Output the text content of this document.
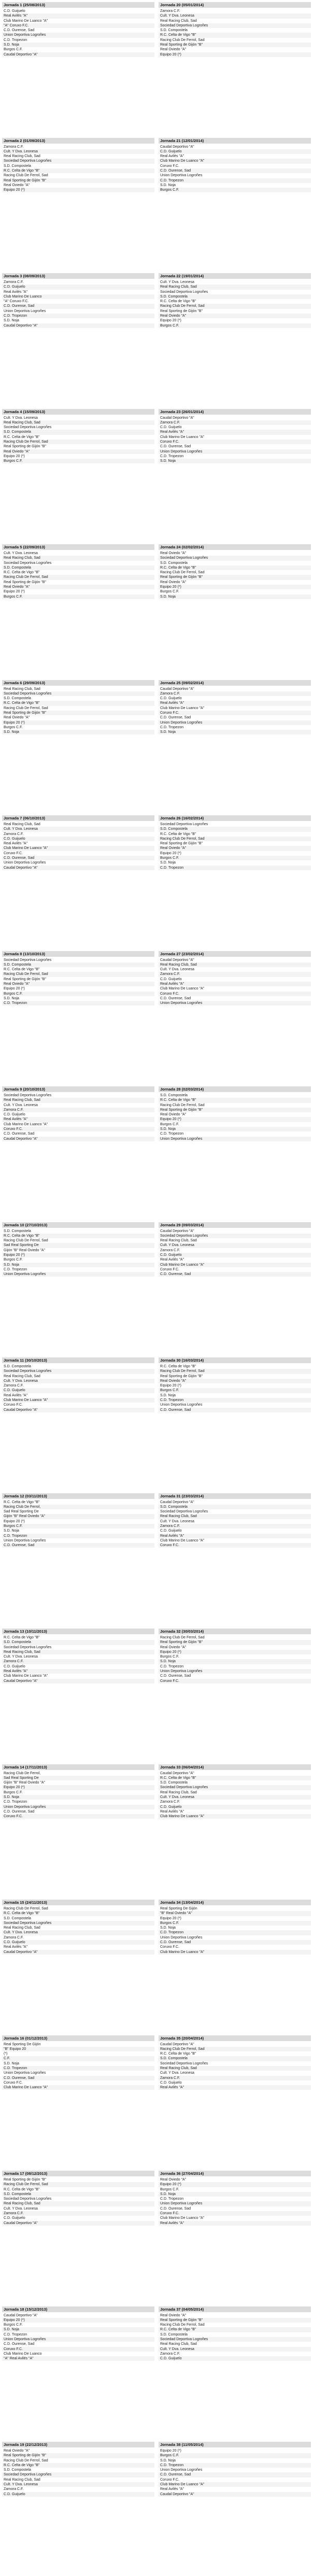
Jornada 1 (25/08/2013)
C.D. Guijuelo
Real Avilés "A"
Club Marino De Luanco "A"
"A" Coruxo F.C.
C.D. Ourense, Sad
Union Deportiva Logroñes
C.D. Tropezon
S.D. Noja
Burgos C.F.
Caudal Deportivo "A"
Jornada 20 (05/01/2014)
Zamora C.F.
Cult. Y Dva. Leonesa
Real Racing Club, Sad
Sociedad Deportiva Logroñes
S.D. Compostela
R.C. Celta de Vigo "B"
Racing Club De Ferrol, Sad
Real Sporting de Gijón "B"
Real Oviedo "A"
Equipo 20 (*)
Jornada 2 (01/09/2013)
Zamora C.F.
Cult. Y Dva. Leonesa
Real Racing Club, Sad
Sociedad Deportiva Logroñes
S.D. Compostela
R.C. Celta de Vigo "B"
Racing Club De Ferrol, Sad
Real Sporting de Gijón "B"
Real Oviedo "A"
Equipo 20 (*)
Jornada 21 (12/01/2014)
Caudal Deportivo "A"
C.D. Guijuelo
Real Avilés "A"
Club Marino De Luanco "A"
Coruxo F.C.
C.D. Ourense, Sad
Union Deportiva Logroñes
C.D. Tropezon
S.D. Noja
Burgos C.F.
Jornada 3 (08/09/2013)
Zamora C.F.
C.D. Guijuelo
Real Avilés "A"
Club Marino De Luanco
"A" Coruxo F.C.
C.D. Ourense, Sad
Union Deportiva Logroñes
C.D. Tropezon
S.D. Noja
Caudal Deportivo "A"
Jornada 22 (19/01/2014)
Cult. Y Dva. Leonesa
Real Racing Club, Sad
Sociedad Deportiva Logroñes
S.D. Compostela
R.C. Celta de Vigo "B"
Racing Club De Ferrol, Sad
Real Sporting de Gijón "B"
Real Oviedo "A"
Equipo 20 (*)
Burgos C.F.
Jornada 4 (15/09/2013)
Cult. Y Dva. Leonesa
Real Racing Club, Sad
Sociedad Deportiva Logroñes
S.D. Compostela
R.C. Celta de Vigo "B"
Racing Club De Ferrol, Sad
Real Sporting de Gijón "B"
Real Oviedo "A"
Equipo 20 (*)
Burgos C.F.
Jornada 23 (26/01/2014)
Caudal Deportivo "A"
Zamora C.F.
C.D. Guijuelo
Real Avilés "A"
Club Marino De Luanco "A"
Coruxo F.C.
C.D. Ourense, Sad
Union Deportiva Logroñes
C.D. Tropezon
S.D. Noja
Jornada 5 (22/09/2013)
Cult. Y Dva. Leonesa
Real Racing Club, Sad
Sociedad Deportiva Logroñes
S.D. Compostela
R.C. Celta de Vigo "B"
Racing Club De Ferrol, Sad
Real Sporting de Gijón "B"
Real Oviedo "A"
Equipo 20 (*)
Burgos C.F.
Jornada 24 (02/02/2014)
Real Oviedo "A"
Sociedad Deportiva Logroñes
S.D. Compostela
R.C. Celta de Vigo "B"
Racing Club De Ferrol, Sad
Real Sporting de Gijón "B"
Real Oviedo "A"
Equipo 20 (*)
Burgos C.F.
S.D. Noja
Jornada 6 (29/09/2013)
Real Racing Club, Sad
Sociedad Deportiva Logroñes
S.D. Compostela
R.C. Celta de Vigo "B"
Racing Club De Ferrol, Sad
Real Sporting de Gijón "B"
Real Oviedo "A"
Equipo 20 (*)
Burgos C.F.
S.D. Noja
Jornada 25 (09/02/2014)
Caudal Deportivo "A"
Zamora C.F.
C.D. Guijuelo
Real Avilés "A"
Club Marino De Luanco "A"
Coruxo F.C.
C.D. Ourense, Sad
Union Deportiva Logroñes
C.D. Tropezon
S.D. Noja
Jornada 7 (06/10/2013)
Real Racing Club, Sad
Cult. Y Dva. Leonesa
Zamora C.F.
C.D. Guijuelo
Real Avilés "A"
Club Marino De Luanco "A"
Coruxo F.C.
C.D. Ourense, Sad
Union Deportiva Logroñes
Caudal Deportivo "A"
Jornada 26 (16/02/2014)
Sociedad Deportiva Logroñes
S.D. Compostela
R.C. Celta de Vigo "B"
Racing Club De Ferrol, Sad
Real Sporting de Gijón "B"
Real Oviedo "A"
Equipo 20 (*)
Burgos C.F.
S.D. Noja
C.D. Tropezon
Jornada 8 (13/10/2013)
Sociedad Deportiva Logroñes
S.D. Compostela
R.C. Celta de Vigo "B"
Racing Club De Ferrol, Sad
Real Sporting de Gijón "B"
Real Oviedo "A"
Equipo 20 (*)
Burgos C.F.
S.D. Noja
C.D. Tropezon
Jornada 27 (23/02/2014)
Caudal Deportivo "A"
Real Racing Club, Sad
Cult. Y Dva. Leonesa
Zamora C.F.
C.D. Guijuelo
Real Avilés "A"
Club Marino De Luanco "A"
Coruxo F.C.
C.D. Ourense, Sad
Union Deportiva Logroñes
Jornada 9 (20/10/2013)
Sociedad Deportiva Logroñes
Real Racing Club, Sad
Cult. Y Dva. Leonesa
Zamora C.F.
C.D. Guijuelo
Real Avilés "A"
Club Marino De Luanco "A"
Coruxo F.C.
C.D. Ourense, Sad
Caudal Deportivo "A"
Jornada 28 (02/03/2014)
S.D. Compostela
R.C. Celta de Vigo "B"
Racing Club De Ferrol, Sad
Real Sporting de Gijón "B"
Real Oviedo "A"
Equipo 20 (*)
Burgos C.F.
S.D. Noja
C.D. Tropezon
Union Deportiva Logroñes
Jornada 10 (27/10/2013)
S.D. Compostela
R.C. Celta de Vigo "B"
Racing Club De Ferrol, Sad
Sad Real Sporting De
Gijón "B" Real Oviedo "A"
Equipo 20 (*)
Burgos C.F.
S.D. Noja
C.D. Tropezon
Union Deportiva Logroñes
Jornada 29 (09/03/2014)
Caudal Deportivo "A"
Sociedad Deportiva Logroñes
Real Racing Club, Sad
Cult. Y Dva. Leonesa
Zamora C.F.
C.D. Guijuelo
Real Avilés "A"
Club Marino De Luanco "A"
Coruxo F.C.
C.D. Ourense, Sad
Jornada 11 (30/10/2013)
S.D. Compostela
Sociedad Deportiva Logroñes
Real Racing Club, Sad
Cult. Y Dva. Leonesa
Zamora C.F.
C.D. Guijuelo
Real Avilés "A"
Club Marino De Luanco "A"
Coruxo F.C.
Caudal Deportivo "A"
Jornada 30 (16/03/2014)
R.C. Celta de Vigo "B"
Racing Club De Ferrol, Sad
Real Sporting de Gijón "B"
Real Oviedo "A"
Equipo 20 (*)
Burgos C.F.
S.D. Noja
C.D. Tropezon
Union Deportiva Logroñes
C.D. Ourense, Sad
Jornada 12 (03/11/2013)
R.C. Celta de Vigo "B"
Racing Club De Ferrol,
Sad Real Sporting De
Gijón "B" Real Oviedo "A"
Equipo 20 (*)
Burgos C.F.
S.D. Noja
C.D. Tropezon
Union Deportiva Logroñes
C.D. Ourense, Sad
Jornada 31 (23/03/2014)
Caudal Deportivo "A"
S.D. Compostela
Sociedad Deportiva Logroñes
Real Racing Club, Sad
Cult. Y Dva. Leonesa
Zamora C.F.
C.D. Guijuelo
Real Avilés "A"
Club Marino De Luanco "A"
Coruxo F.C.
Jornada 13 (10/11/2013)
R.C. Celta de Vigo "B"
S.D. Compostela
Sociedad Deportiva Logroñes
Real Racing Club, Sad
Cult. Y Dva. Leonesa
Zamora C.F.
C.D. Guijuelo
Real Avilés "A"
Club Marino De Luanco "A"
Caudal Deportivo "A"
Jornada 32 (30/03/2014)
Racing Club De Ferrol, Sad
Real Sporting de Gijón "B"
Real Oviedo "A"
Equipo 20 (*)
Burgos C.F.
S.D. Noja
C.D. Tropezon
Union Deportiva Logroñes
C.D. Ourense, Sad
Coruxo F.C.
Jornada 14 (17/11/2013)
Racing Club De Ferrol,
Sad Real Sporting De
Gijón "B" Real Oviedo "A"
Equipo 20 (*)
Burgos C.F.
S.D. Noja
C.D. Tropezon
Union Deportiva Logroñes
C.D. Ourense, Sad
Coruxo F.C.
Jornada 33 (06/04/2014)
Caudal Deportivo "A"
R.C. Celta de Vigo "B"
S.D. Compostela
Sociedad Deportiva Logroñes
Real Racing Club, Sad
Cult. Y Dva. Leonesa
Zamora C.F.
C.D. Guijuelo
Real Avilés "A"
Club Marino De Luanco "A"
Jornada 15 (24/11/2013)
Racing Club De Ferrol, Sad
R.C. Celta de Vigo "B"
S.D. Compostela
Sociedad Deportiva Logroñes
Real Racing Club, Sad
Cult. Y Dva. Leonesa
Zamora C.F.
C.D. Guijuelo
Real Avilés "A"
Caudal Deportivo "A"
Jornada 34 (13/04/2014)
Real Sporting De Gijón
"B" Real Oviedo "A"
Equipo 20 (*)
Burgos C.F.
S.D. Noja
C.D. Tropezon
Union Deportiva Logroñes
C.D. Ourense, Sad
Coruxo F.C.
Club Marino De Luanco "A"
Jornada 16 (01/12/2013)
Real Sporting De Gijón
"B" Equipo 20
(*)
C.F.
S.D. Noja
C.D. Tropezon
Union Deportiva Logroñes
C.D. Ourense, Sad
Coruxo F.C.
Club Marino De Luanco "A"
Jornada 35 (20/04/2014)
Caudal Deportivo "A"
Racing Club De Ferrol, Sad
R.C. Celta de Vigo "B"
S.D. Compostela
Sociedad Deportiva Logroñes
Real Racing Club, Sad
Cult. Y Dva. Leonesa
Zamora C.F.
C.D. Guijuelo
Real Avilés "A"
Jornada 17 (08/12/2013)
Real Sporting de Gijón "B"
Racing Club De Ferrol, Sad
R.C. Celta de Vigo "B"
S.D. Compostela
Sociedad Deportiva Logroñes
Real Racing Club, Sad
Cult. Y Dva. Leonesa
Zamora C.F.
C.D. Guijuelo
Caudal Deportivo "A"
Jornada 36 (27/04/2014)
Real Oviedo "A"
Equipo 20 (*)
Burgos C.F.
S.D. Noja
C.D. Tropezon
Union Deportiva Logroñes
C.D. Ourense, Sad
Coruxo F.C.
Club Marino De Luanco "A"
Real Avilés "A"
Jornada 18 (15/12/2013)
Caudal Deportivo "A"
Equipo 20 (*)
Burgos C.F.
S.D. Noja
C.D. Tropezon
Union Deportiva Logroñes
C.D. Ourense, Sad
Coruxo F.C.
Club Marino De Luanco
"A" Real Avilés "A"
Jornada 37 (04/05/2014)
Real Oviedo "A"
Real Sporting de Gijón "B"
Racing Club De Ferrol, Sad
R.C. Celta de Vigo "B"
S.D. Compostela
Sociedad Deportiva Logroñes
Real Racing Club, Sad
Cult. Y Dva. Leonesa
Zamora C.F.
C.D. Guijuelo
Jornada 19 (22/12/2013)
Real Oviedo "A"
Real Sporting de Gijón "B"
Racing Club De Ferrol, Sad
R.C. Celta de Vigo "B"
S.D. Compostela
Sociedad Deportiva Logroñes
Real Racing Club, Sad
Cult. Y Dva. Leonesa
Zamora C.F.
C.D. Guijuelo
Jornada 38 (11/05/2014)
Equipo 20 (*)
Burgos C.F.
S.D. Noja
C.D. Tropezon
Union Deportiva Logroñes
C.D. Ourense, Sad
Coruxo F.C.
Club Marino De Luanco "A"
Real Avilés "A"
Caudal Deportivo "A"
